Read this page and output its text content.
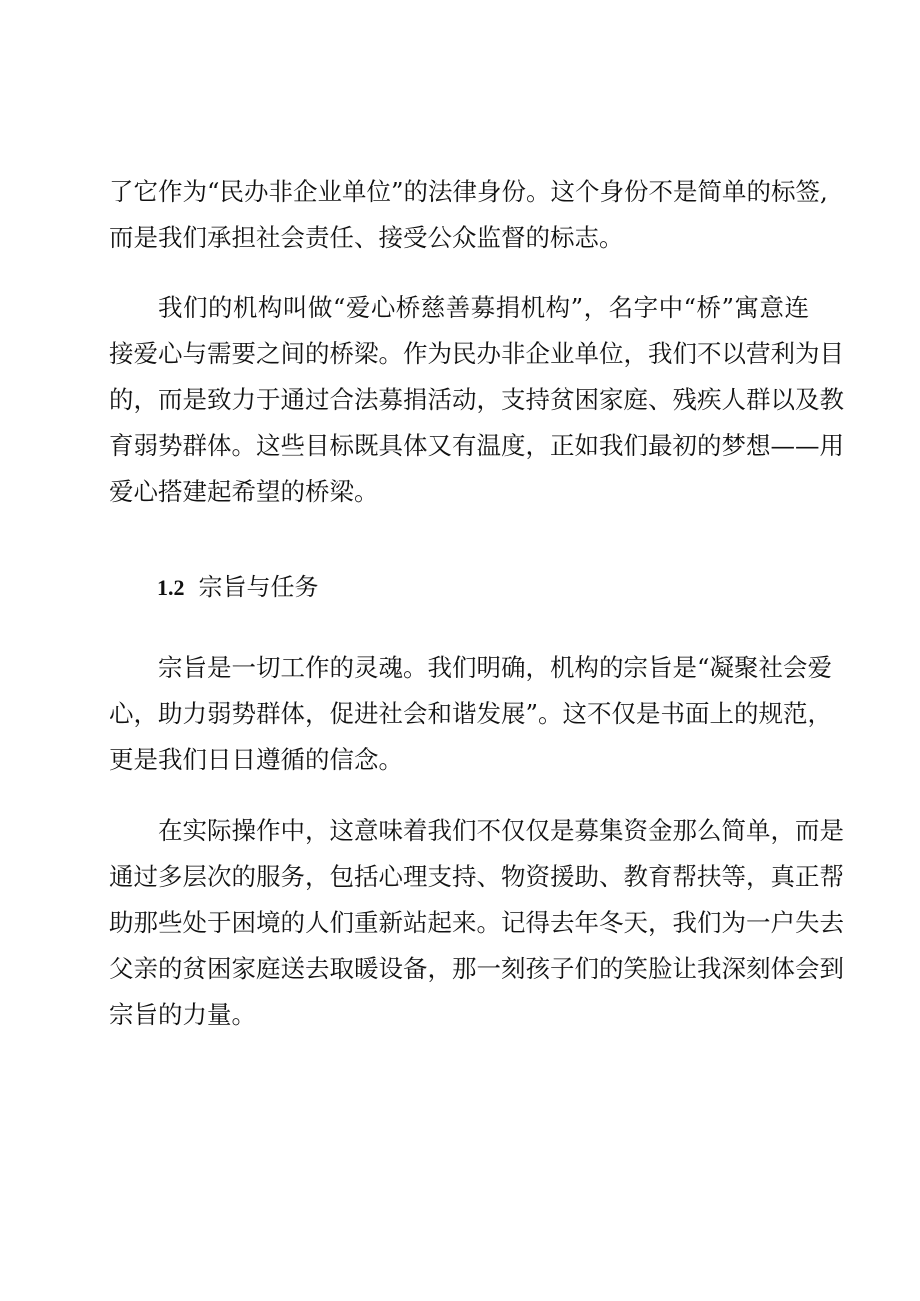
了它作为“民办非企业单位”的法律身份。这个身份不是简单的标签,
而是我们承担社会责任、接受公众监督的标志。
我们的机构叫做“爱心桥慈善募捐机构”，名字中“桥”寓意连
接爱心与需要之间的桥梁。作为民办非企业单位，我们不以营利为目
的，而是致力于通过合法募捐活动，支持贫困家庭、残疾人群以及教
育弱势群体。这些目标既具体又有温度，正如我们最初的梦想——用
爱心搭建起希望的桥梁。
1.2 宗旨与任务
宗旨是一切工作的灵魂。我们明确，机构的宗旨是“凝聚社会爱
心，助力弱势群体，促进社会和谐发展”。这不仅是书面上的规范，
更是我们日日遵循的信念。
在实际操作中，这意味着我们不仅仅是募集资金那么简单，而是
通过多层次的服务，包括心理支持、物资援助、教育帮扶等，真正帮
助那些处于困境的人们重新站起来。记得去年冬天，我们为一户失去
父亲的贫困家庭送去取暖设备，那一刻孩子们的笑脸让我深刻体会到
宗旨的力量。
